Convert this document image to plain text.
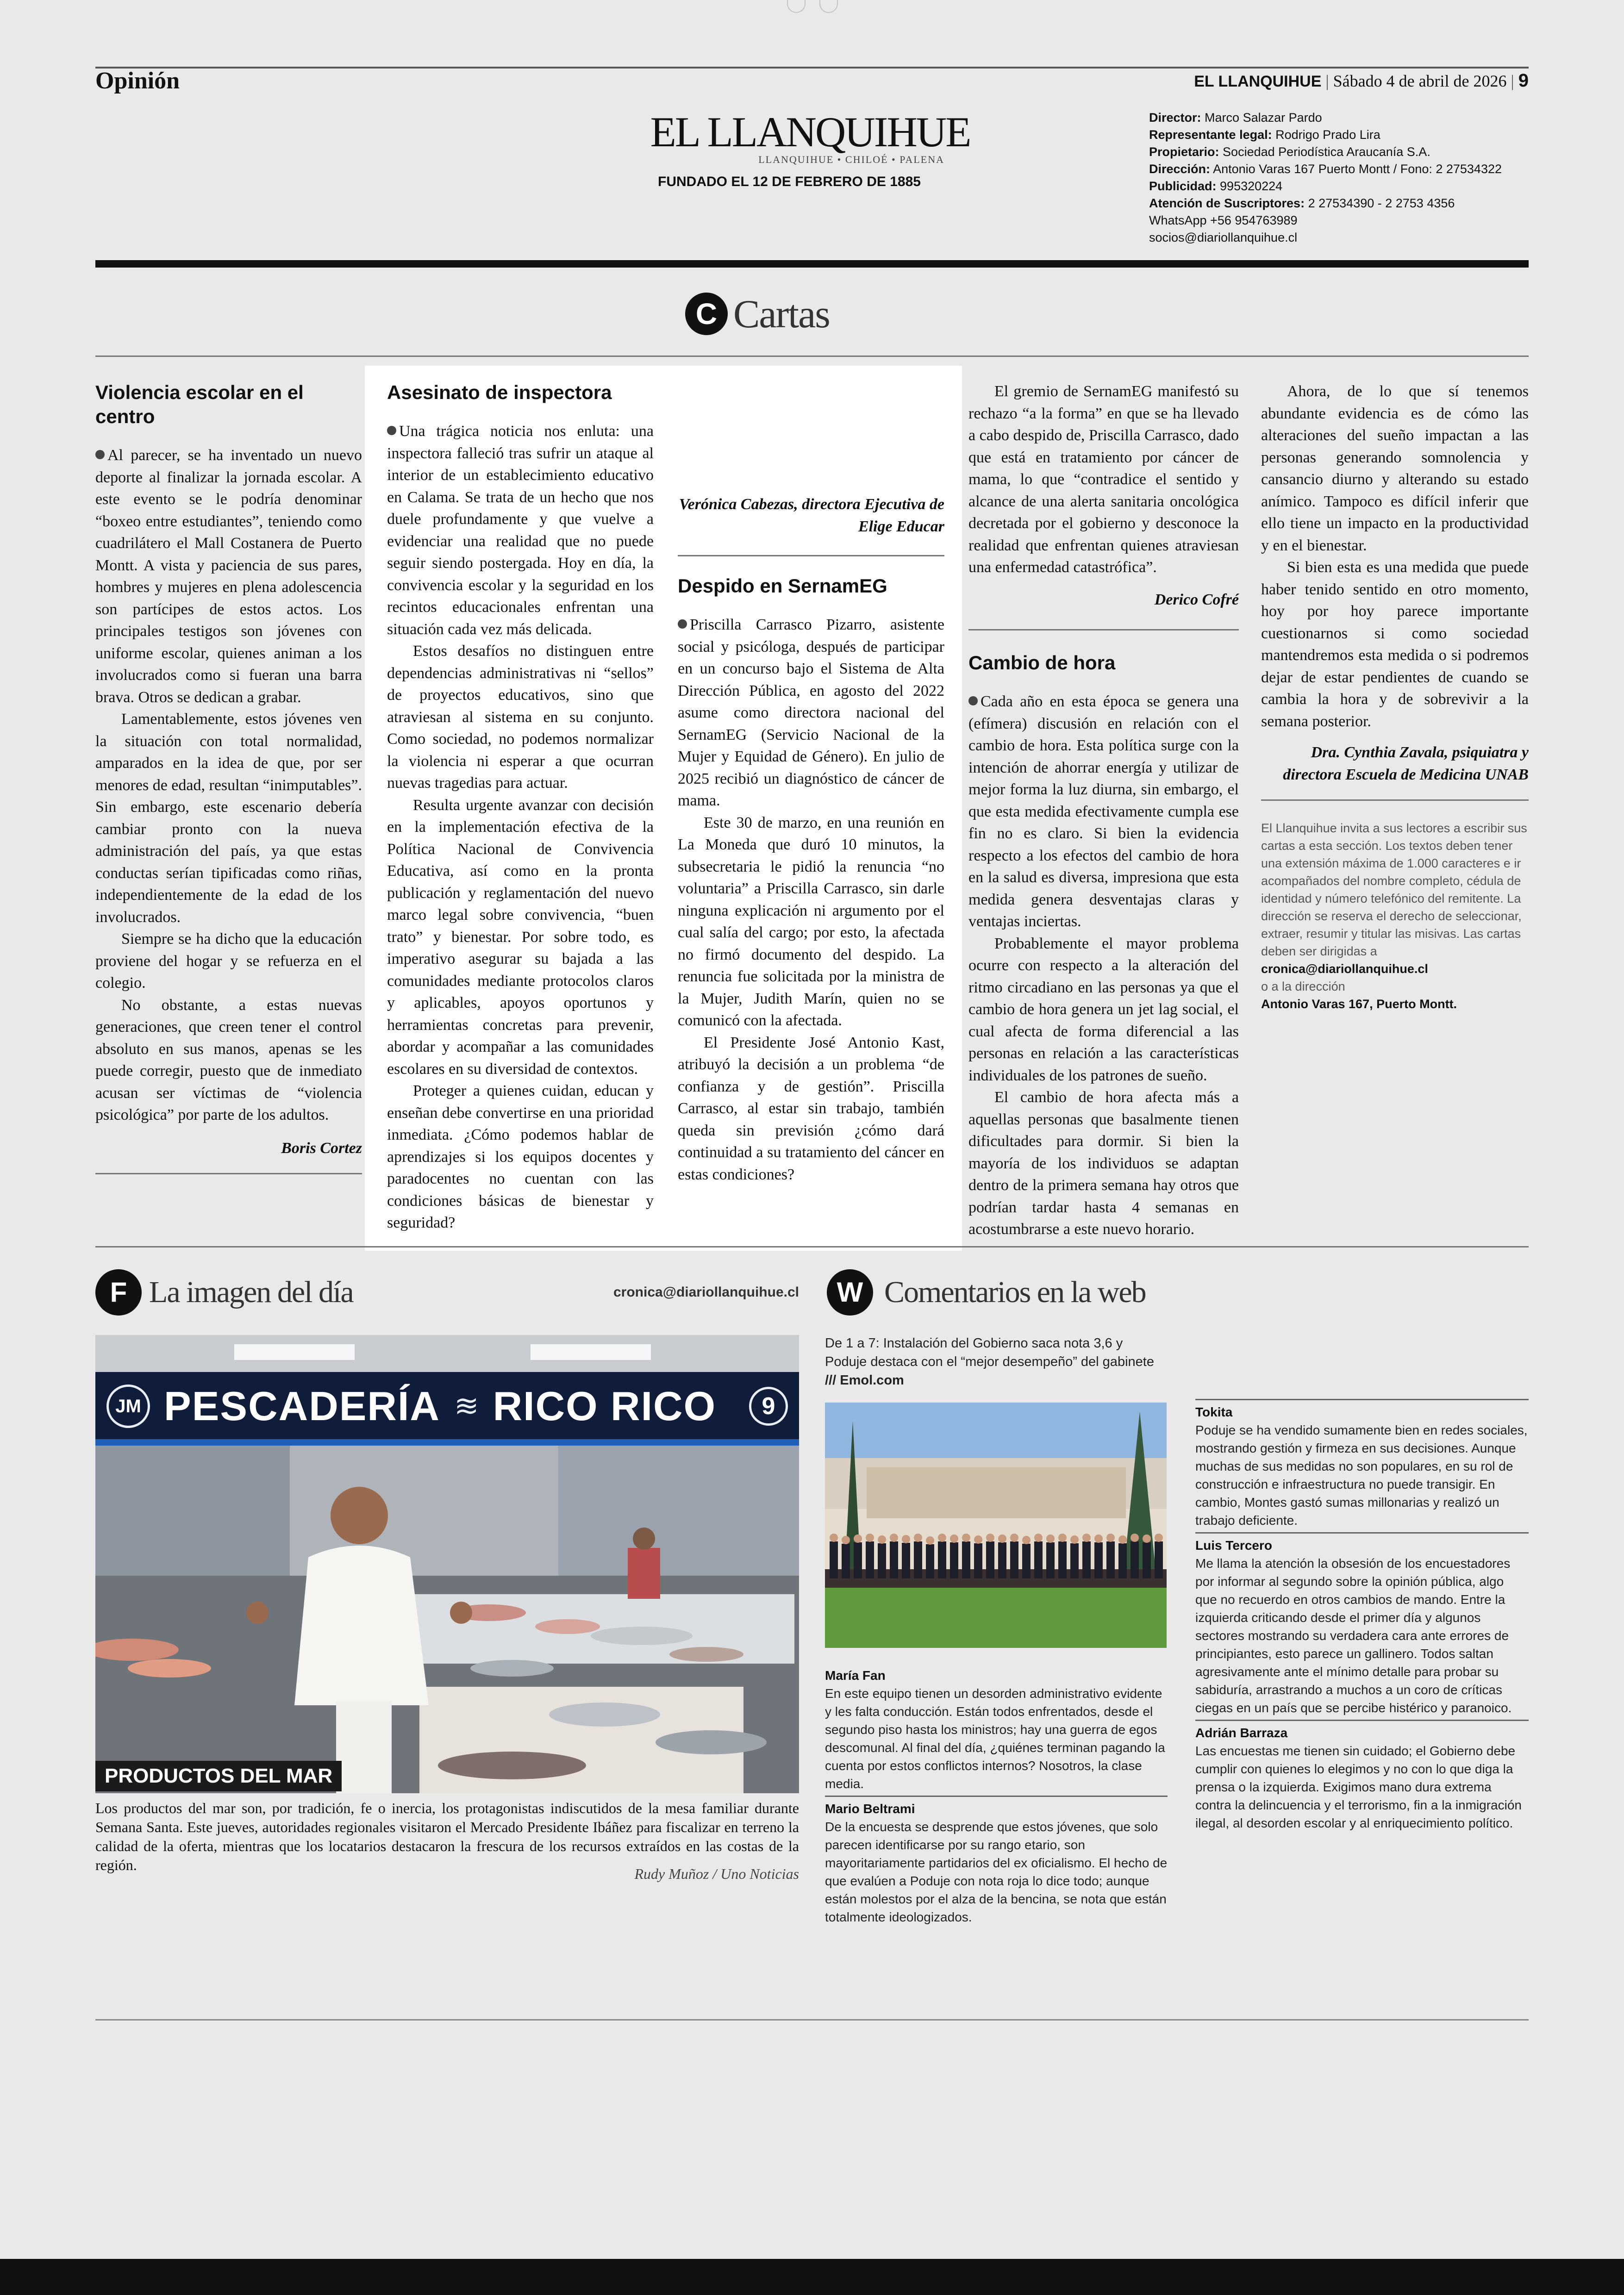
Opinión	EL LLANQUIHUE | Sábado 4 de abril de 2026 | 9
EL LLANQUIHUE
LLANQUIHUE • CHILOÉ • PALENA
FUNDADO EL 12 DE FEBRERO DE 1885
Director: Marco Salazar Pardo
Representante legal: Rodrigo Prado Lira
Propietario: Sociedad Periodística Araucanía S.A.
Dirección: Antonio Varas 167 Puerto Montt / Fono: 2 27534322
Publicidad: 995320224
Atención de Suscriptores: 2 27534390 - 2 2753 4356
WhatsApp +56 954763989
socios@diariollanquihue.cl
C Cartas
Violencia escolar en el centro

Al parecer, se ha inventado un nuevo deporte al finalizar la jornada escolar. A este evento se le podría denominar “boxeo entre estudiantes”, teniendo como cuadrilátero el Mall Costanera de Puerto Montt. A vista y paciencia de sus pares, hombres y mujeres en plena adolescencia son partícipes de estos actos. Los principales testigos son jóvenes con uniforme escolar, quienes animan a los involucrados como si fueran una barra brava. Otros se dedican a grabar.

Lamentablemente, estos jóvenes ven la situación con total normalidad, amparados en la idea de que, por ser menores de edad, resultan “inimputables”. Sin embargo, este escenario debería cambiar pronto con la nueva administración del país, ya que estas conductas serían tipificadas como riñas, independientemente de la edad de los involucrados.

Siempre se ha dicho que la educación proviene del hogar y se refuerza en el colegio.

No obstante, a estas nuevas generaciones, que creen tener el control absoluto en sus manos, apenas se les puede corregir, puesto que de inmediato acusan ser víctimas de “violencia psicológica” por parte de los adultos.

Boris Cortez

Asesinato de inspectora

Una trágica noticia nos enluta: una inspectora falleció tras sufrir un ataque al interior de un establecimiento educativo en Calama. Se trata de un hecho que nos duele profundamente y que vuelve a evidenciar una realidad que no puede seguir siendo postergada. Hoy en día, la convivencia escolar y la seguridad en los recintos educacionales enfrentan una situación cada vez más delicada.

Estos desafíos no distinguen entre dependencias administrativas ni “sellos” de proyectos educativos, sino que atraviesan al sistema en su conjunto. Como sociedad, no podemos normalizar la violencia ni esperar a que ocurran nuevas tragedias para actuar.

Resulta urgente avanzar con decisión en la implementación efectiva de la Política Nacional de Convivencia Educativa, así como en la pronta publicación y reglamentación del nuevo marco legal sobre convivencia, “buen trato” y bienestar. Por sobre todo, es imperativo asegurar su bajada a las comunidades mediante protocolos claros y aplicables, apoyos oportunos y herramientas concretas para prevenir, abordar y acompañar a las comunidades escolares en su diversidad de contextos.

Proteger a quienes cuidan, educan y enseñan debe convertirse en una prioridad inmediata. ¿Cómo podemos hablar de aprendizajes si los equipos docentes y paradocentes no cuentan con las condiciones básicas de bienestar y seguridad?

Verónica Cabezas, directora Ejecutiva de Elige Educar

Despido en SernamEG

Priscilla Carrasco Pizarro, asistente social y psicóloga, después de participar en un concurso bajo el Sistema de Alta Dirección Pública, en agosto del 2022 asume como directora nacional del SernamEG (Servicio Nacional de la Mujer y Equidad de Género). En julio de 2025 recibió un diagnóstico de cáncer de mama.

Este 30 de marzo, en una reunión en La Moneda que duró 10 minutos, la subsecretaria le pidió la renuncia “no voluntaria” a Priscilla Carrasco, sin darle ninguna explicación ni argumento por el cual salía del cargo; por esto, la afectada no firmó documento del despido. La renuncia fue solicitada por la ministra de la Mujer, Judith Marín, quien no se comunicó con la afectada.

El Presidente José Antonio Kast, atribuyó la decisión a un problema “de confianza y de gestión”. Priscilla Carrasco, al estar sin trabajo, también queda sin previsión ¿cómo dará continuidad a su tratamiento del cáncer en estas condiciones?

El gremio de SernamEG manifestó su rechazo “a la forma” en que se ha llevado a cabo despido de, Priscilla Carrasco, dado que está en tratamiento por cáncer de mama, lo que “contradice el sentido y alcance de una alerta sanitaria oncológica decretada por el gobierno y desconoce la realidad que enfrentan quienes atraviesan una enfermedad catastrófica”.

Derico Cofré

Cambio de hora

Cada año en esta época se genera una (efímera) discusión en relación con el cambio de hora. Esta política surge con la intención de ahorrar energía y utilizar de mejor forma la luz diurna, sin embargo, el que esta medida efectivamente cumpla ese fin no es claro. Si bien la evidencia respecto a los efectos del cambio de hora en la salud es diversa, impresiona que esta medida genera desventajas claras y ventajas inciertas.

Probablemente el mayor problema ocurre con respecto a la alteración del ritmo circadiano en las personas ya que el cambio de hora genera un jet lag social, el cual afecta de forma diferencial a las personas en relación a las características individuales de los patrones de sueño.

El cambio de hora afecta más a aquellas personas que basalmente tienen dificultades para dormir. Si bien la mayoría de los individuos se adaptan dentro de la primera semana hay otros que podrían tardar hasta 4 semanas en acostumbrarse a este nuevo horario.

Ahora, de lo que sí tenemos abundante evidencia es de cómo las alteraciones del sueño impactan a las personas generando somnolencia y cansancio diurno y alterando su estado anímico. Tampoco es difícil inferir que ello tiene un impacto en la productividad y en el bienestar.

Si bien esta es una medida que puede haber tenido sentido en otro momento, hoy por hoy parece importante cuestionarnos si como sociedad mantendremos esta medida o si podremos dejar de estar pendientes de cuando se cambia la hora y de sobrevivir a la semana posterior.

Dra. Cynthia Zavala, psiquiatra y directora Escuela de Medicina UNAB

El Llanquihue invita a sus lectores a escribir sus cartas a esta sección. Los textos deben tener una extensión máxima de 1.000 caracteres e ir acompañados del nombre completo, cédula de identidad y número telefónico del remitente. La dirección se reserva el derecho de seleccionar, extraer, resumir y titular las misivas. Las cartas deben ser dirigidas a
cronica@diariollanquihue.cl
o a la dirección
Antonio Varas 167, Puerto Montt.
F La imagen del día	cronica@diariollanquihue.cl
JM PESCADERÍA ≋ RICO RICO	9
PRODUCTOS DEL MAR
Los productos del mar son, por tradición, fe o inercia, los protagonistas indiscutidos de la mesa familiar durante Semana Santa. Este jueves, autoridades regionales visitaron el Mercado Presidente Ibáñez para fiscalizar en terreno la calidad de la oferta, mientras que los locatarios destacaron la frescura de los recursos extraídos en las costas de la región.
Rudy Muñoz / Uno Noticias
W Comentarios en la web
De 1 a 7: Instalación del Gobierno saca nota 3,6 y Poduje destaca con el “mejor desempeño” del gabinete /// Emol.com
María Fan
En este equipo tienen un desorden administrativo evidente y les falta conducción. Están todos enfrentados, desde el segundo piso hasta los ministros; hay una guerra de egos descomunal. Al final del día, ¿quiénes terminan pagando la cuenta por estos conflictos internos? Nosotros, la clase media.
Mario Beltrami
De la encuesta se desprende que estos jóvenes, que solo parecen identificarse por su rango etario, son mayoritariamente partidarios del ex oficialismo. El hecho de que evalúen a Poduje con nota roja lo dice todo; aunque están molestos por el alza de la bencina, se nota que están totalmente ideologizados.
Tokita
Poduje se ha vendido sumamente bien en redes sociales, mostrando gestión y firmeza en sus decisiones. Aunque muchas de sus medidas no son populares, en su rol de construcción e infraestructura no puede transigir. En cambio, Montes gastó sumas millonarias y realizó un trabajo deficiente.
Luis Tercero
Me llama la atención la obsesión de los encuestadores por informar al segundo sobre la opinión pública, algo que no recuerdo en otros cambios de mando. Entre la izquierda criticando desde el primer día y algunos sectores mostrando su verdadera cara ante errores de principiantes, esto parece un gallinero. Todos saltan agresivamente ante el mínimo detalle para probar su sabiduría, arrastrando a muchos a un coro de críticas ciegas en un país que se percibe histérico y paranoico.
Adrián Barraza
Las encuestas me tienen sin cuidado; el Gobierno debe cumplir con quienes lo elegimos y no con lo que diga la prensa o la izquierda. Exigimos mano dura extrema contra la delincuencia y el terrorismo, fin a la inmigración ilegal, al desorden escolar y al enriquecimiento político.
